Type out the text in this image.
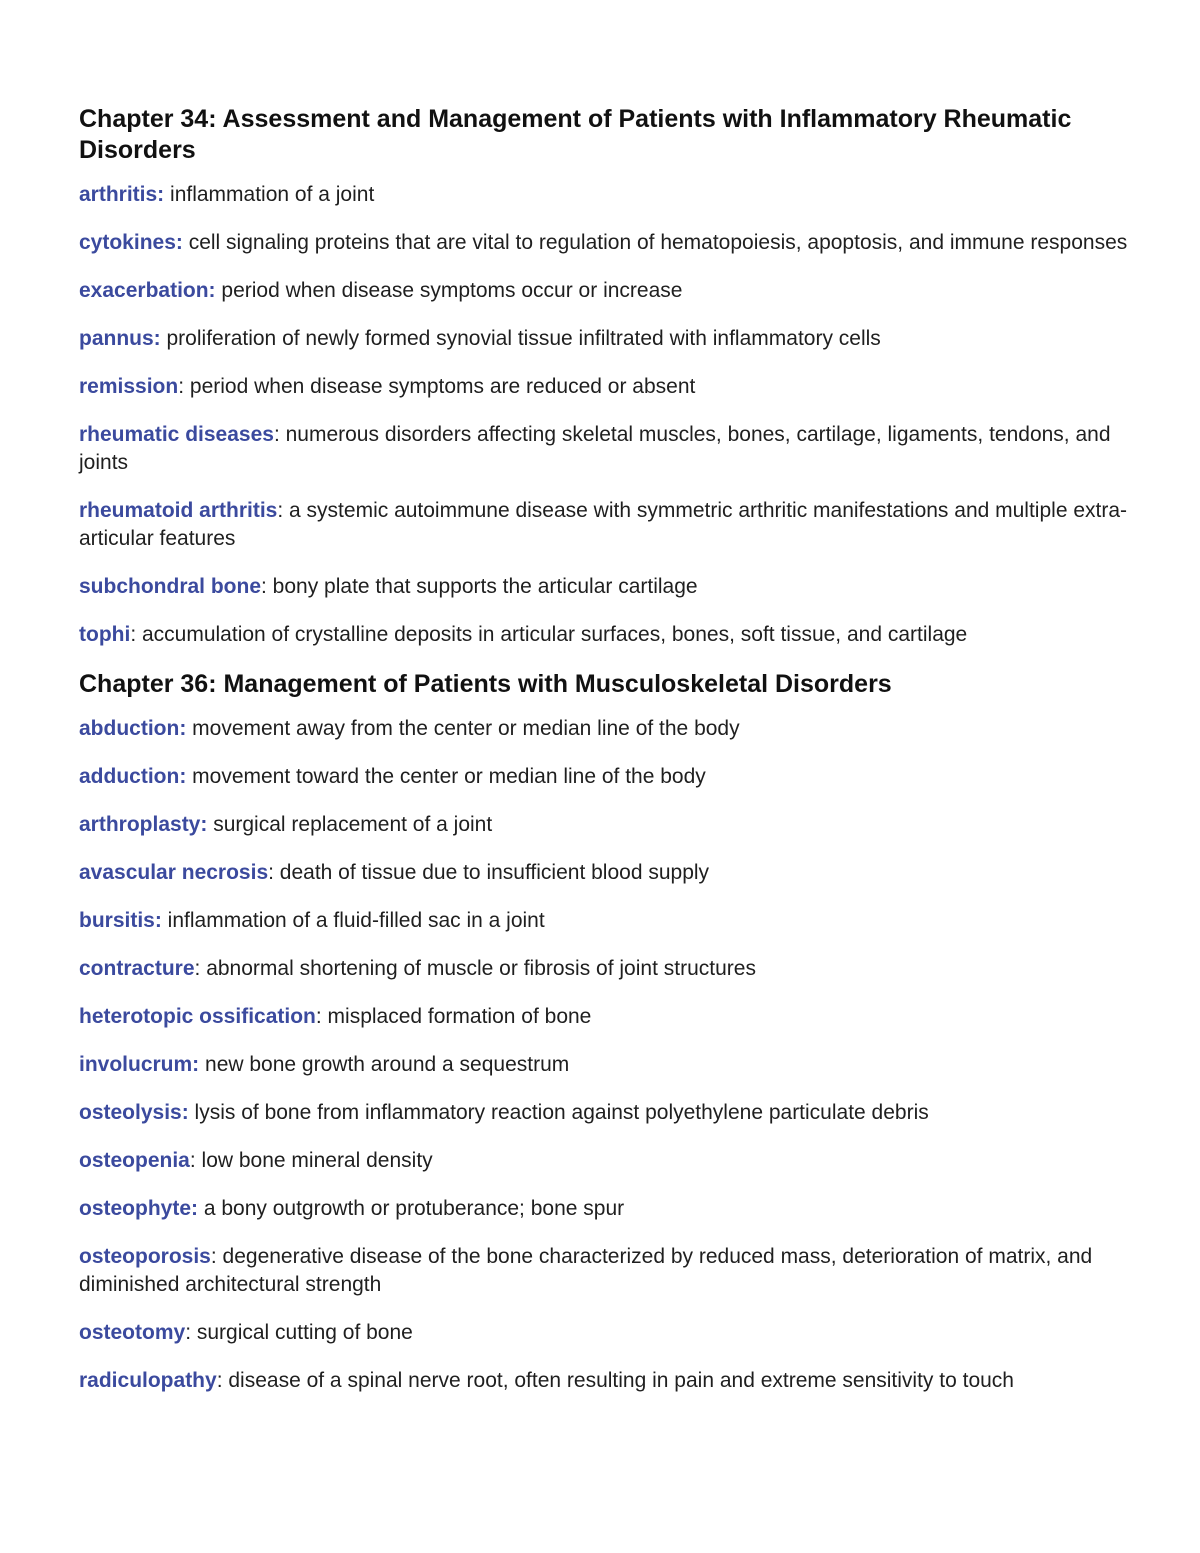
Chapter 34: Assessment and Management of Patients with Inflammatory Rheumatic Disorders

arthritis: inflammation of a joint

cytokines: cell signaling proteins that are vital to regulation of hematopoiesis, apoptosis, and immune responses

exacerbation: period when disease symptoms occur or increase

pannus: proliferation of newly formed synovial tissue infiltrated with inflammatory cells

remission: period when disease symptoms are reduced or absent

rheumatic diseases: numerous disorders affecting skeletal muscles, bones, cartilage, ligaments, tendons, and joints

rheumatoid arthritis: a systemic autoimmune disease with symmetric arthritic manifestations and multiple extra-articular features

subchondral bone: bony plate that supports the articular cartilage

tophi: accumulation of crystalline deposits in articular surfaces, bones, soft tissue, and cartilage

Chapter 36: Management of Patients with Musculoskeletal Disorders

abduction: movement away from the center or median line of the body

adduction: movement toward the center or median line of the body

arthroplasty: surgical replacement of a joint

avascular necrosis: death of tissue due to insufficient blood supply

bursitis: inflammation of a fluid-filled sac in a joint

contracture: abnormal shortening of muscle or fibrosis of joint structures

heterotopic ossification: misplaced formation of bone

involucrum: new bone growth around a sequestrum

osteolysis: lysis of bone from inflammatory reaction against polyethylene particulate debris

osteopenia: low bone mineral density

osteophyte: a bony outgrowth or protuberance; bone spur

osteoporosis: degenerative disease of the bone characterized by reduced mass, deterioration of matrix, and diminished architectural strength

osteotomy: surgical cutting of bone

radiculopathy: disease of a spinal nerve root, often resulting in pain and extreme sensitivity to touch
